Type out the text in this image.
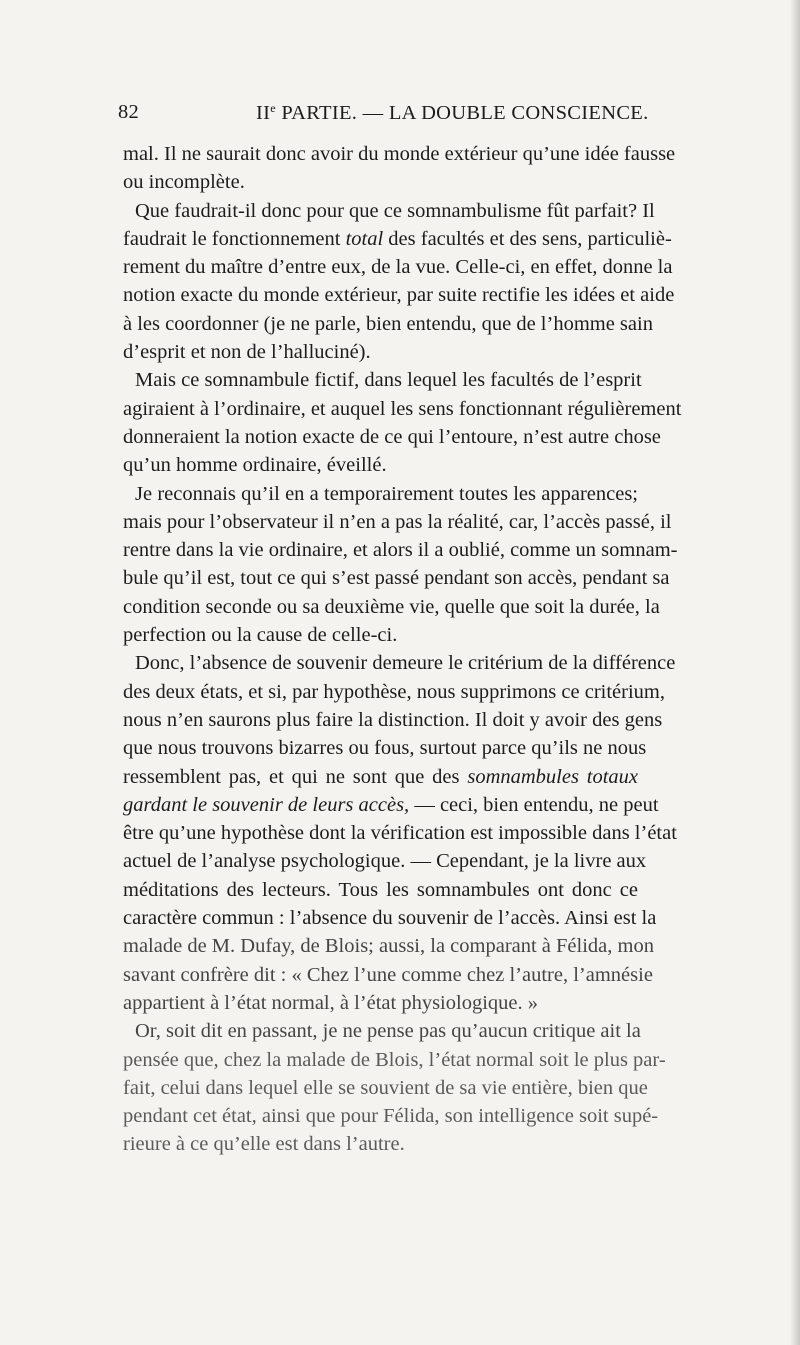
82	IIe PARTIE. — LA DOUBLE CONSCIENCE.
mal. Il ne saurait donc avoir du monde extérieur qu’une idée fausse
ou incomplète.
Que faudrait-il donc pour que ce somnambulisme fût parfait? Il
faudrait le fonctionnement total des facultés et des sens, particuliè-
rement du maître d’entre eux, de la vue. Celle-ci, en effet, donne la
notion exacte du monde extérieur, par suite rectifie les idées et aide
à les coordonner (je ne parle, bien entendu, que de l’homme sain
d’esprit et non de l’halluciné).
Mais ce somnambule fictif, dans lequel les facultés de l’esprit
agiraient à l’ordinaire, et auquel les sens fonctionnant régulièrement
donneraient la notion exacte de ce qui l’entoure, n’est autre chose
qu’un homme ordinaire, éveillé.
Je reconnais qu’il en a temporairement toutes les apparences;
mais pour l’observateur il n’en a pas la réalité, car, l’accès passé, il
rentre dans la vie ordinaire, et alors il a oublié, comme un somnam-
bule qu’il est, tout ce qui s’est passé pendant son accès, pendant sa
condition seconde ou sa deuxième vie, quelle que soit la durée, la
perfection ou la cause de celle-ci.
Donc, l’absence de souvenir demeure le critérium de la différence
des deux états, et si, par hypothèse, nous supprimons ce critérium,
nous n’en saurons plus faire la distinction. Il doit y avoir des gens
que nous trouvons bizarres ou fous, surtout parce qu’ils ne nous
ressemblent pas, et qui ne sont que des somnambules totaux
gardant le souvenir de leurs accès, — ceci, bien entendu, ne peut
être qu’une hypothèse dont la vérification est impossible dans l’état
actuel de l’analyse psychologique. — Cependant, je la livre aux
méditations des lecteurs. Tous les somnambules ont donc ce
caractère commun : l’absence du souvenir de l’accès. Ainsi est la
malade de M. Dufay, de Blois; aussi, la comparant à Félida, mon
savant confrère dit : « Chez l’une comme chez l’autre, l’amnésie
appartient à l’état normal, à l’état physiologique. »
Or, soit dit en passant, je ne pense pas qu’aucun critique ait la
pensée que, chez la malade de Blois, l’état normal soit le plus par-
fait, celui dans lequel elle se souvient de sa vie entière, bien que
pendant cet état, ainsi que pour Félida, son intelligence soit supé-
rieure à ce qu’elle est dans l’autre.
